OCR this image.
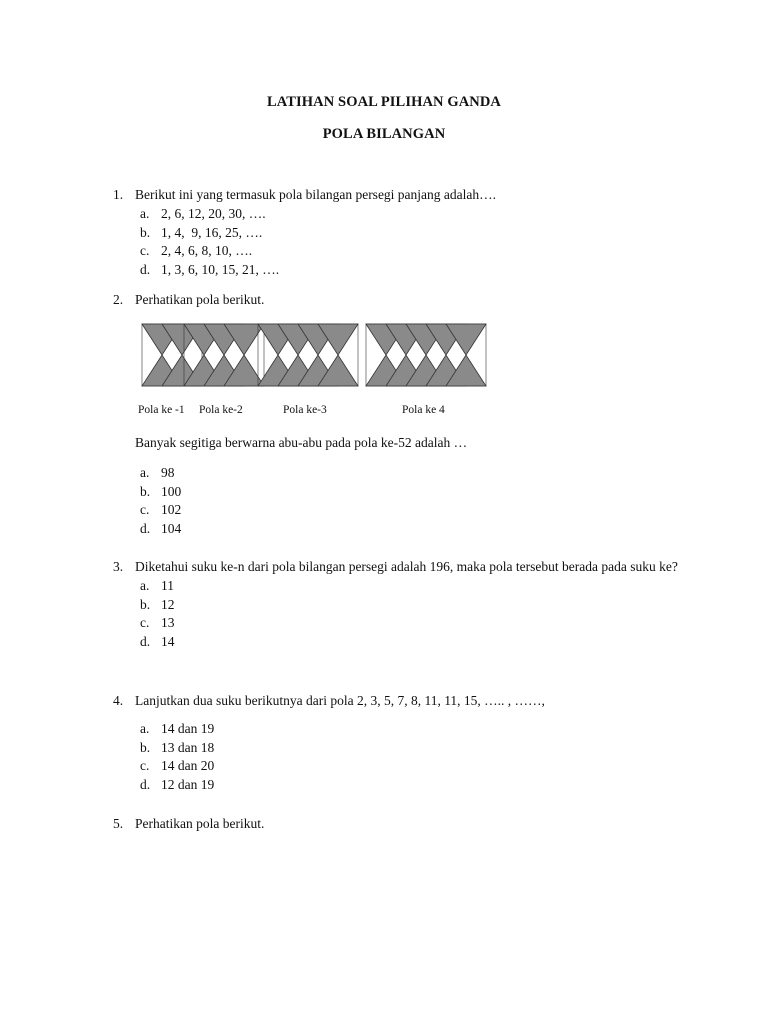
LATIHAN SOAL PILIHAN GANDA
POLA BILANGAN
1. Berikut ini yang termasuk pola bilangan persegi panjang adalah….
a. 2, 6, 12, 20, 30, ….
b. 1, 4,  9, 16, 25, ….
c. 2, 4, 6, 8, 10, ….
d. 1, 3, 6, 10, 15, 21, ….
2. Perhatikan pola berikut.
Pola ke -1 Pola ke-2	Pola ke-3	Pola ke 4
Banyak segitiga berwarna abu-abu pada pola ke-52 adalah …
a. 98
b. 100
c. 102
d. 104
3. Diketahui suku ke-n dari pola bilangan persegi adalah 196, maka pola tersebut berada pada suku ke?
a. 11
b. 12
c. 13
d. 14
4. Lanjutkan dua suku berikutnya dari pola 2, 3, 5, 7, 8, 11, 11, 15, ….. , ……,
a. 14 dan 19
b. 13 dan 18
c. 14 dan 20
d. 12 dan 19
5. Perhatikan pola berikut.
